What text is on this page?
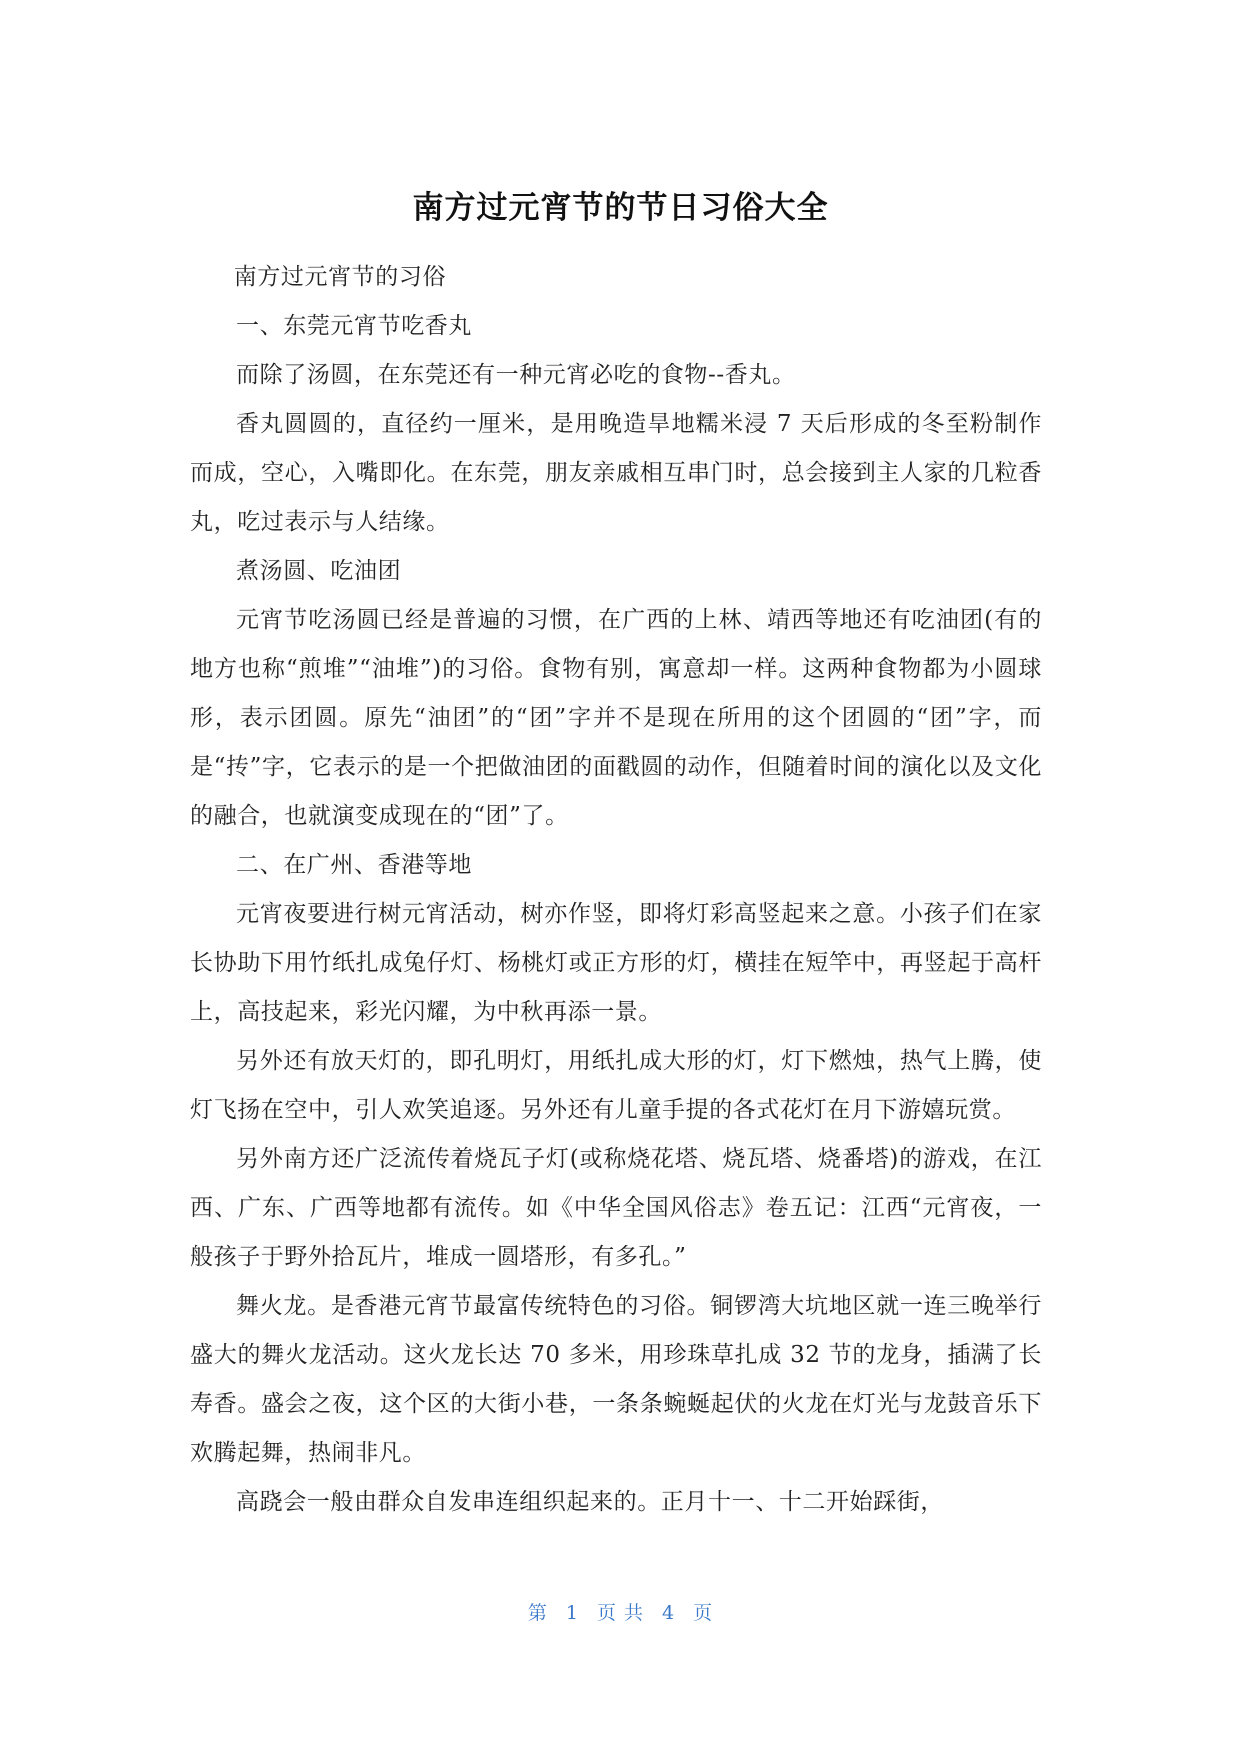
南方过元宵节的节日习俗大全

南方过元宵节的习俗

一、东莞元宵节吃香丸

而除了汤圆，在东莞还有一种元宵必吃的食物--香丸。

香丸圆圆的，直径约一厘米，是用晚造旱地糯米浸 7 天后形成的冬至粉制作而成，空心，入嘴即化。在东莞，朋友亲戚相互串门时，总会接到主人家的几粒香丸，吃过表示与人结缘。

煮汤圆、吃油团

元宵节吃汤圆已经是普遍的习惯，在广西的上林、靖西等地还有吃油团(有的地方也称“煎堆”“油堆”)的习俗。食物有别，寓意却一样。这两种食物都为小圆球形，表示团圆。原先“油团”的“团”字并不是现在所用的这个团圆的“团”字，而是“抟”字，它表示的是一个把做油团的面戳圆的动作，但随着时间的演化以及文化的融合，也就演变成现在的“团”了。

二、在广州、香港等地

元宵夜要进行树元宵活动，树亦作竖，即将灯彩高竖起来之意。小孩子们在家长协助下用竹纸扎成兔仔灯、杨桃灯或正方形的灯，横挂在短竿中，再竖起于高杆上，高技起来，彩光闪耀，为中秋再添一景。

另外还有放天灯的，即孔明灯，用纸扎成大形的灯，灯下燃烛，热气上腾，使灯飞扬在空中，引人欢笑追逐。另外还有儿童手提的各式花灯在月下游嬉玩赏。

另外南方还广泛流传着烧瓦子灯(或称烧花塔、烧瓦塔、烧番塔)的游戏，在江西、广东、广西等地都有流传。如《中华全国风俗志》卷五记：江西“元宵夜，一般孩子于野外拾瓦片，堆成一圆塔形，有多孔。”

舞火龙。是香港元宵节最富传统特色的习俗。铜锣湾大坑地区就一连三晚举行盛大的舞火龙活动。这火龙长达 70 多米，用珍珠草扎成 32 节的龙身，插满了长寿香。盛会之夜，这个区的大街小巷，一条条蜿蜒起伏的火龙在灯光与龙鼓音乐下欢腾起舞，热闹非凡。

高跷会一般由群众自发串连组织起来的。正月十一、十二开始踩街，

第 1 页 共 4 页
